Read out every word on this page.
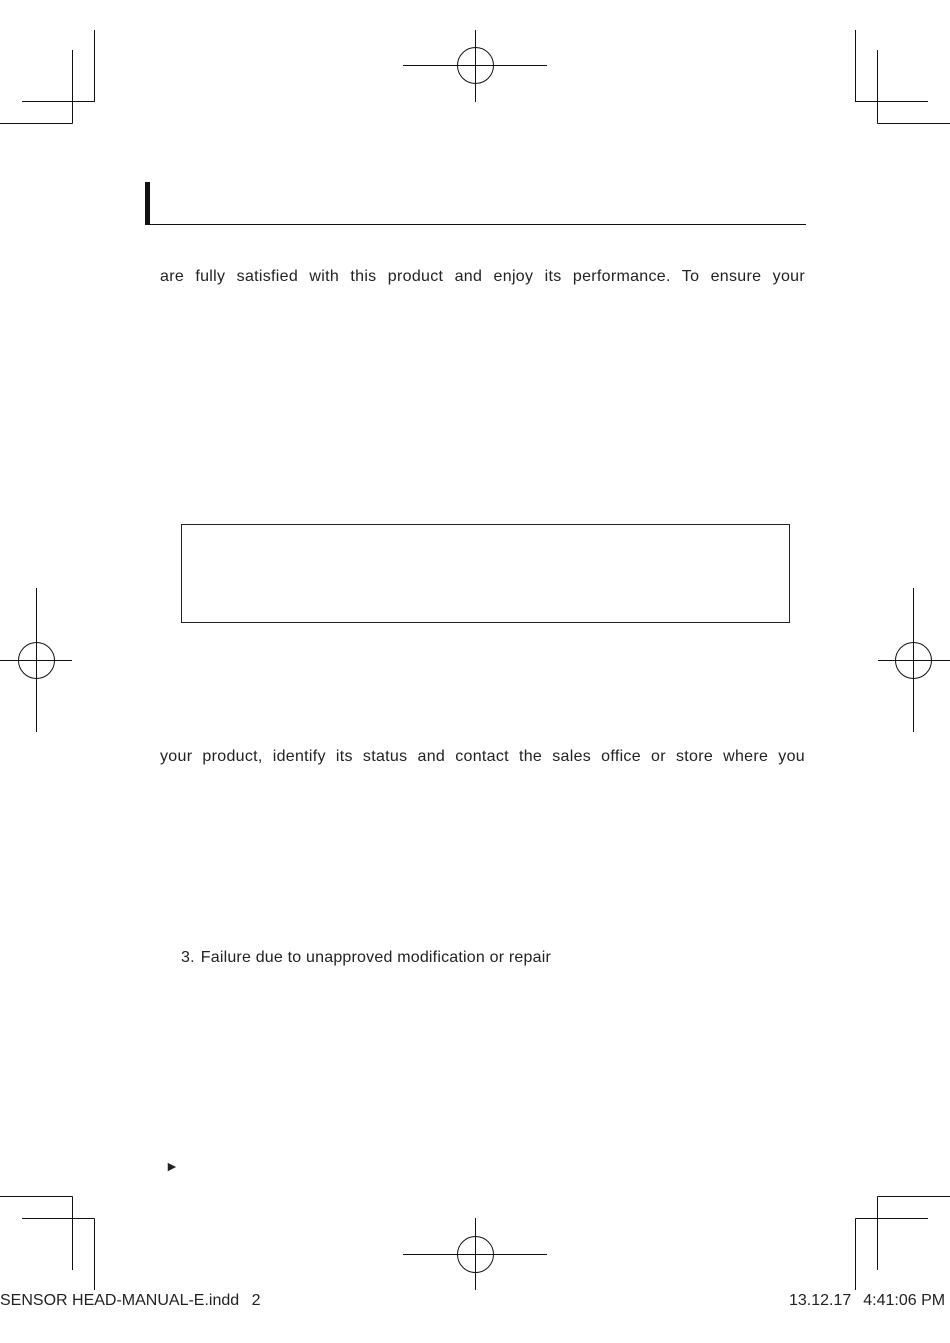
are fully satisfied with this product and enjoy its performance. To ensure your
your product, identify its status and contact the sales office or store where you
3. Failure due to unapproved modification or repair
►
SENSOR HEAD-MANUAL-E.indd 2	13.12.17 4:41:06 PM
